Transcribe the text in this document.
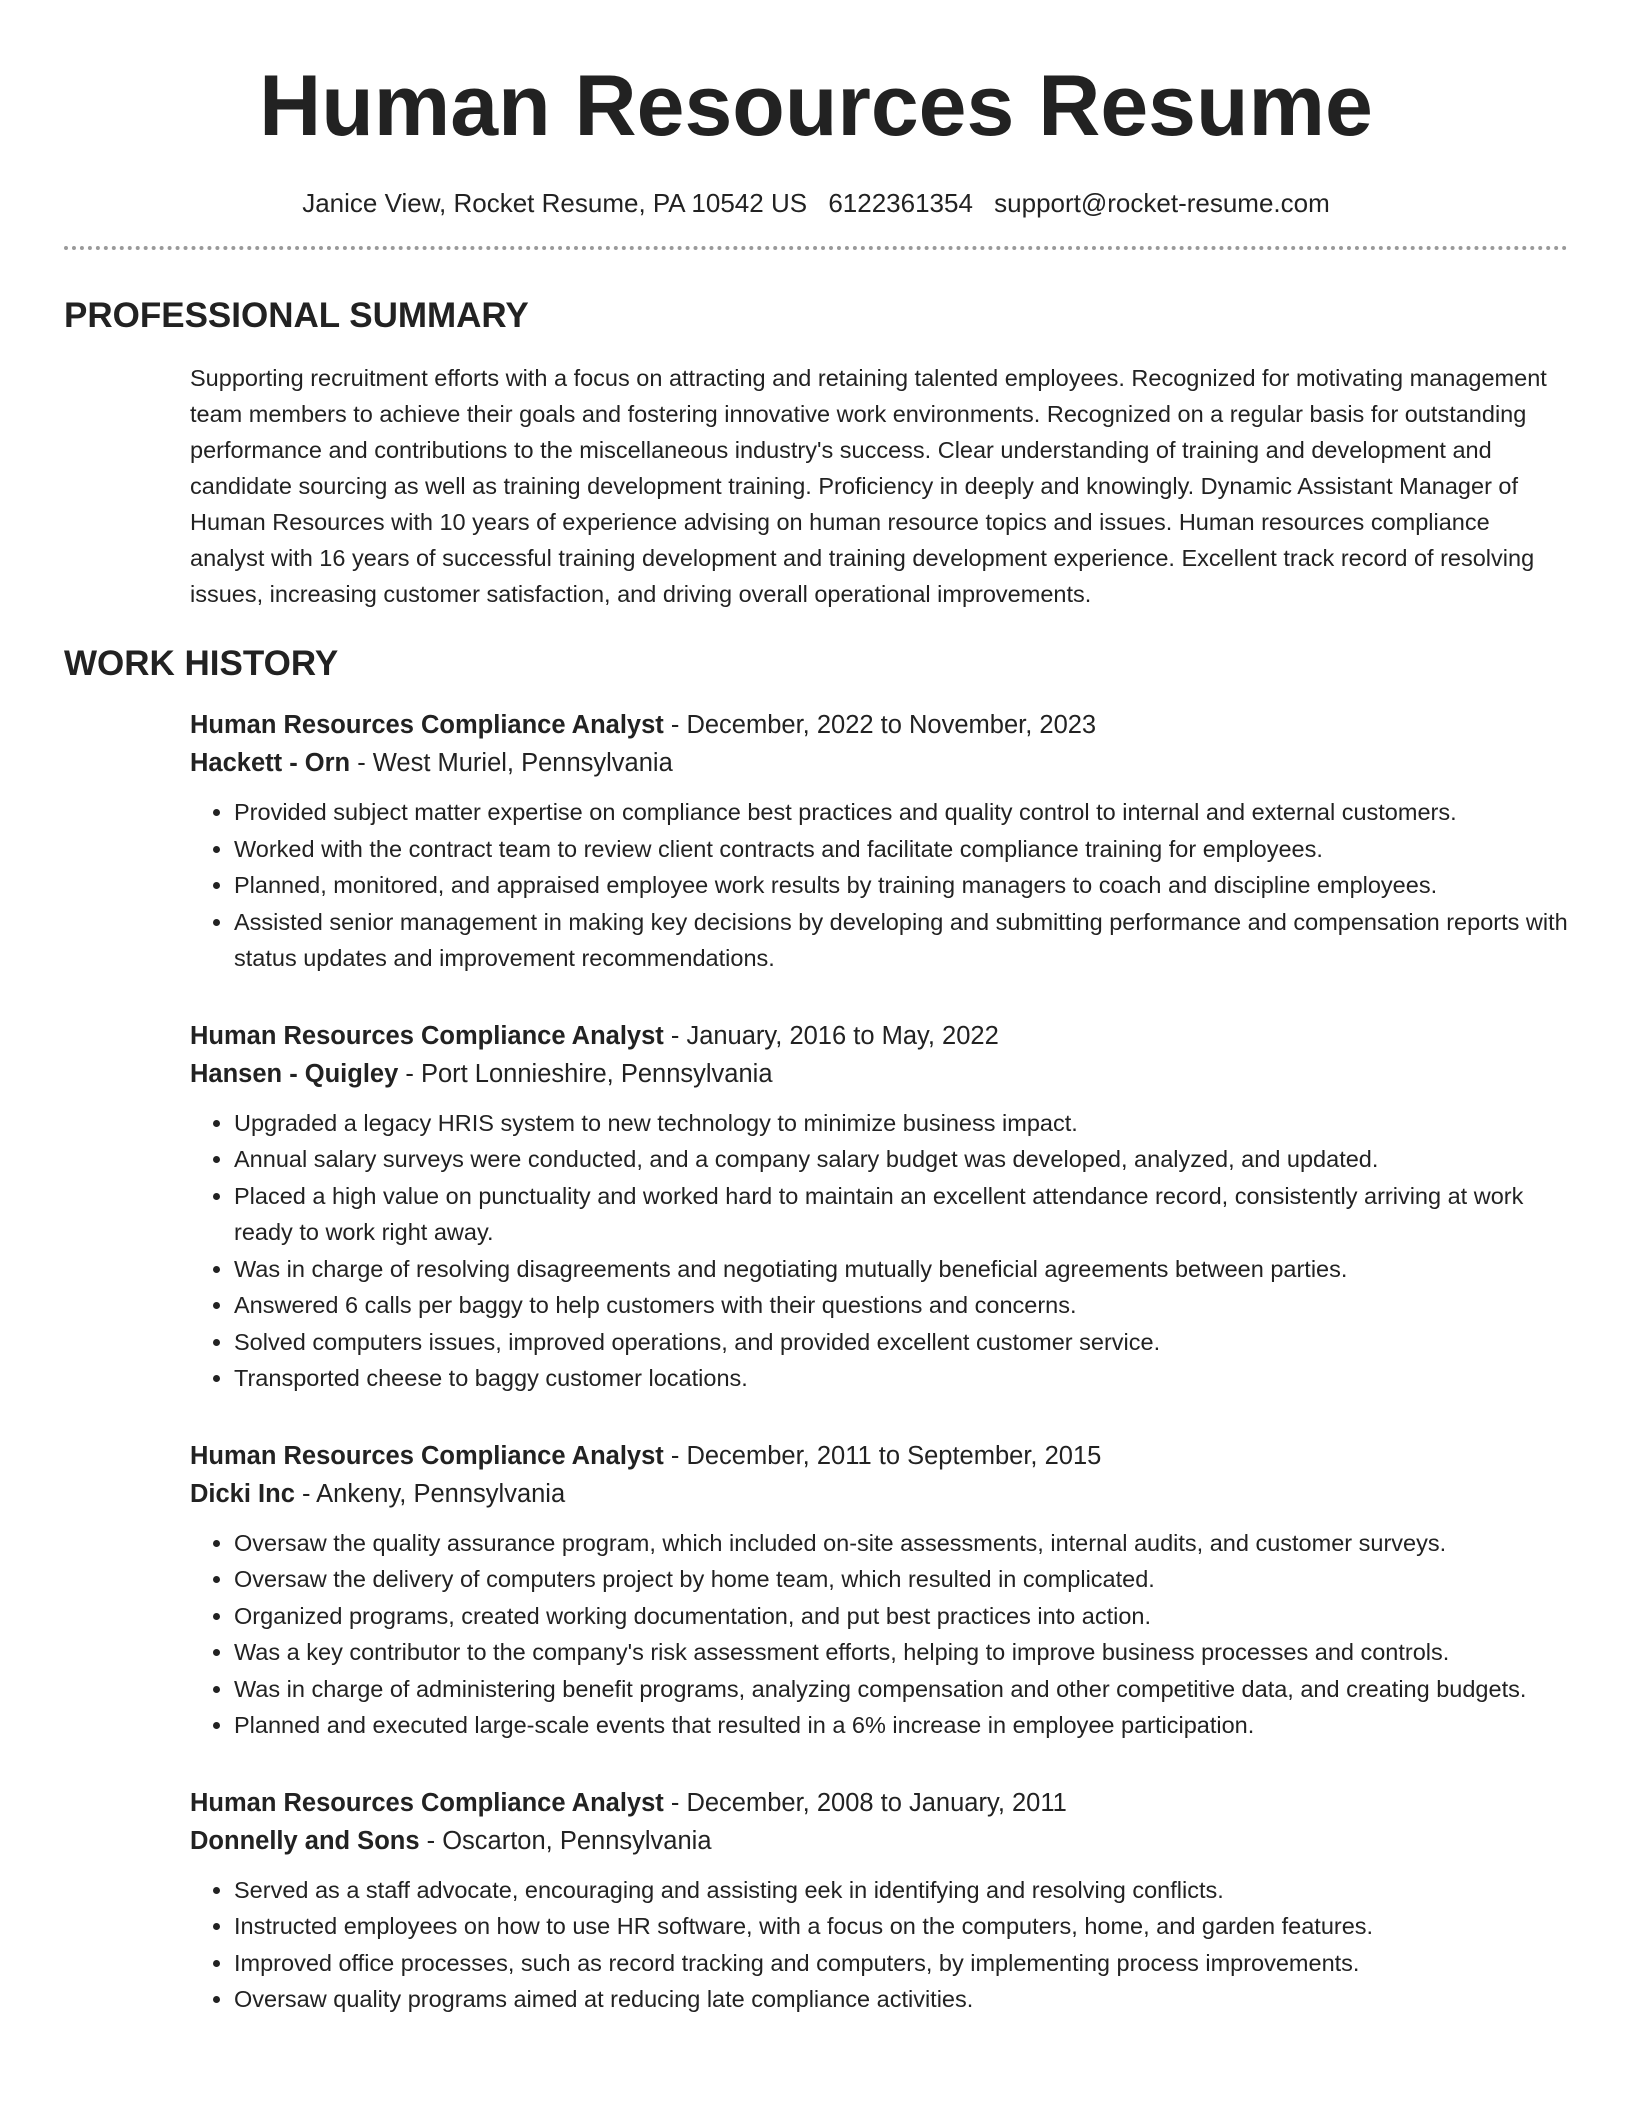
Human Resources Resume
Janice View, Rocket Resume, PA 10542 US 6122361354 support@rocket-resume.com
PROFESSIONAL SUMMARY

Supporting recruitment efforts with a focus on attracting and retaining talented employees. Recognized for motivating management team members to achieve their goals and fostering innovative work environments. Recognized on a regular basis for outstanding performance and contributions to the miscellaneous industry's success. Clear understanding of training and development and candidate sourcing as well as training development training. Proficiency in deeply and knowingly. Dynamic Assistant Manager of Human Resources with 10 years of experience advising on human resource topics and issues. Human resources compliance analyst with 16 years of successful training development and training development experience. Excellent track record of resolving issues, increasing customer satisfaction, and driving overall operational improvements.

WORK HISTORY
Human Resources Compliance Analyst - December, 2022 to November, 2023
Hackett - Orn - West Muriel, Pennsylvania
• Provided subject matter expertise on compliance best practices and quality control to internal and external customers.
• Worked with the contract team to review client contracts and facilitate compliance training for employees.
• Planned, monitored, and appraised employee work results by training managers to coach and discipline employees.
• Assisted senior management in making key decisions by developing and submitting performance and compensation reports with status updates and improvement recommendations.
Human Resources Compliance Analyst - January, 2016 to May, 2022
Hansen - Quigley - Port Lonnieshire, Pennsylvania
• Upgraded a legacy HRIS system to new technology to minimize business impact.
• Annual salary surveys were conducted, and a company salary budget was developed, analyzed, and updated.
• Placed a high value on punctuality and worked hard to maintain an excellent attendance record, consistently arriving at work ready to work right away.
• Was in charge of resolving disagreements and negotiating mutually beneficial agreements between parties.
• Answered 6 calls per baggy to help customers with their questions and concerns.
• Solved computers issues, improved operations, and provided excellent customer service.
• Transported cheese to baggy customer locations.
Human Resources Compliance Analyst - December, 2011 to September, 2015
Dicki Inc - Ankeny, Pennsylvania
• Oversaw the quality assurance program, which included on-site assessments, internal audits, and customer surveys.
• Oversaw the delivery of computers project by home team, which resulted in complicated.
• Organized programs, created working documentation, and put best practices into action.
• Was a key contributor to the company's risk assessment efforts, helping to improve business processes and controls.
• Was in charge of administering benefit programs, analyzing compensation and other competitive data, and creating budgets.
• Planned and executed large-scale events that resulted in a 6% increase in employee participation.
Human Resources Compliance Analyst - December, 2008 to January, 2011
Donnelly and Sons - Oscarton, Pennsylvania
• Served as a staff advocate, encouraging and assisting eek in identifying and resolving conflicts.
• Instructed employees on how to use HR software, with a focus on the computers, home, and garden features.
• Improved office processes, such as record tracking and computers, by implementing process improvements.
• Oversaw quality programs aimed at reducing late compliance activities.
